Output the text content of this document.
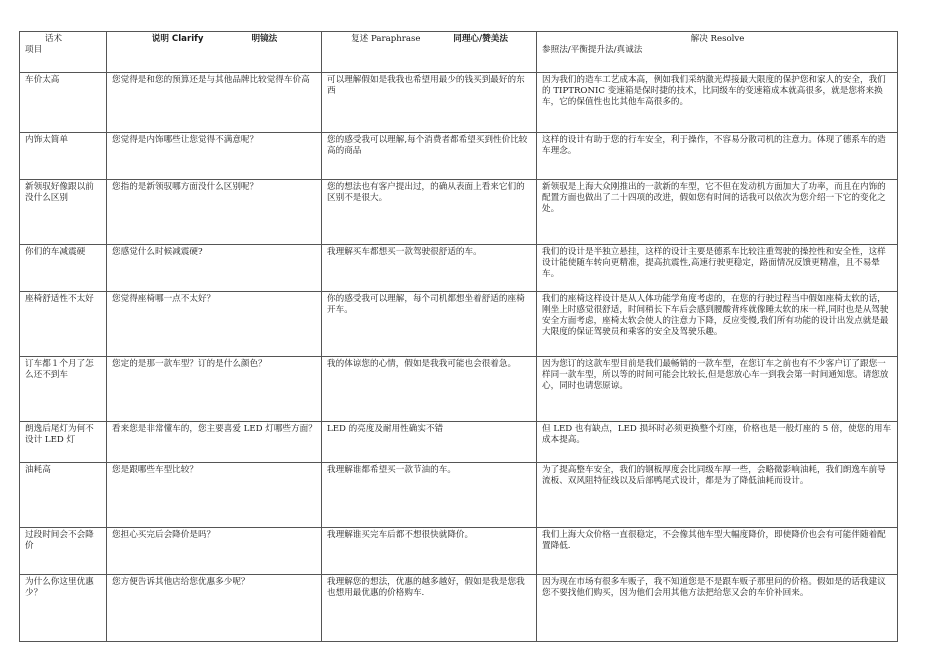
话术
项目	说明 Clarify 明镜法	复述 Paraphrase 同理心/赞美法	解决 Resolve
参照法/平衡提升法/真诚法

车价太高	您觉得是和您的预算还是与其他品牌比较觉得车价高	可以理解假如是我我也希望用最少的钱买到最好的东西	因为我们的造车工艺成本高，例如我们采纳激光焊接最大限度的保护您和家人的安全，我们的 TIPTRONIC 变速箱是保时捷的技术，比同级车的变速箱成本就高很多，就是您将来换车，它的保值性也比其他车高很多的。
内饰太简单	您觉得是内饰哪些让您觉得不满意呢？	您的感受我可以理解,每个消费者都希望买到性价比较高的商品	这样的设计有助于您的行车安全，利于操作，不容易分散司机的注意力。体现了德系车的造车理念。
新领驭好像跟以前没什么区别	您指的是新领驭哪方面没什么区别呢？	您的想法也有客户提出过，的确从表面上看来它们的区别不是很大。	新领驭是上海大众刚推出的一款新的车型，它不但在发动机方面加大了功率，而且在内饰的配置方面也做出了二十四项的改进，假如您有时间的话我可以依次为您介绍一下它的变化之处。
你们的车减震硬	您感觉什么时候减震硬?	我理解买车都想买一款驾驶很舒适的车。	我们的设计是半独立悬挂，这样的设计主要是德系车比较注重驾驶的操控性和安全性，这样设计能使随车转向更精准，提高抗震性,高速行驶更稳定，路面情况反馈更精准，且不易晕车。
座椅舒适性不太好	您觉得座椅哪一点不太好？	你的感受我可以理解，每个司机都想坐着舒适的座椅开车。	我们的座椅这样设计是从人体功能学角度考虑的，在您的行驶过程当中假如座椅太软的话，刚坐上时感觉很舒适，时间稍长下车后会感到腰酸背疼就像睡太软的床一样,同时也是从驾驶安全方面考虑，座椅太软会使人的注意力下降，反应变慢,我们所有功能的设计出发点就是最大限度的保证驾驶员和乘客的安全及驾驶乐趣。
订车都１个月了怎么还不到车	您定的是那一款车型？订的是什么颜色？	我的体谅您的心情，假如是我我可能也会很着急。	因为您订的这款车型目前是我们最畅销的一款车型，在您订车之前也有不少客户订了跟您一样同一款车型，所以等的时间可能会比较长,但是您放心车一到我会第一时间通知您。请您放心，同时也请您原谅。
朗逸后尾灯为何不设计 LED 灯	看来您是非常懂车的，您主要喜爱 LED 灯哪些方面？	LED 的亮度及耐用性确实不错	但 LED 也有缺点，LED 损坏时必须更换整个灯座，价格也是一般灯座的 5 倍，使您的用车成本提高。
油耗高	您是跟哪些车型比较？	我理解谁都希望买一款节油的车。	为了提高整车安全，我们的钢板厚度会比同级车厚一些，会略微影响油耗，我们朗逸车前导流板、双风阻特征线以及后部鸭尾式设计，都是为了降低油耗而设计。
过段时间会不会降价	您担心买完后会降价是吗？	我理解谁买完车后都不想很快就降价。	我们上海大众价格一直很稳定，不会像其他车型大幅度降价，即使降价也会有可能伴随着配置降低.
为什么你这里优惠少？	您方便告诉其他店给您优惠多少呢？	我理解您的想法，优惠的越多越好，假如是我是您我也想用最优惠的价格购车.	因为现在市场有很多车贩子，我不知道您是不是跟车贩子那里问的价格。假如是的话我建议您不要找他们购买，因为他们会用其他方法把给您又会的车价补回来。
